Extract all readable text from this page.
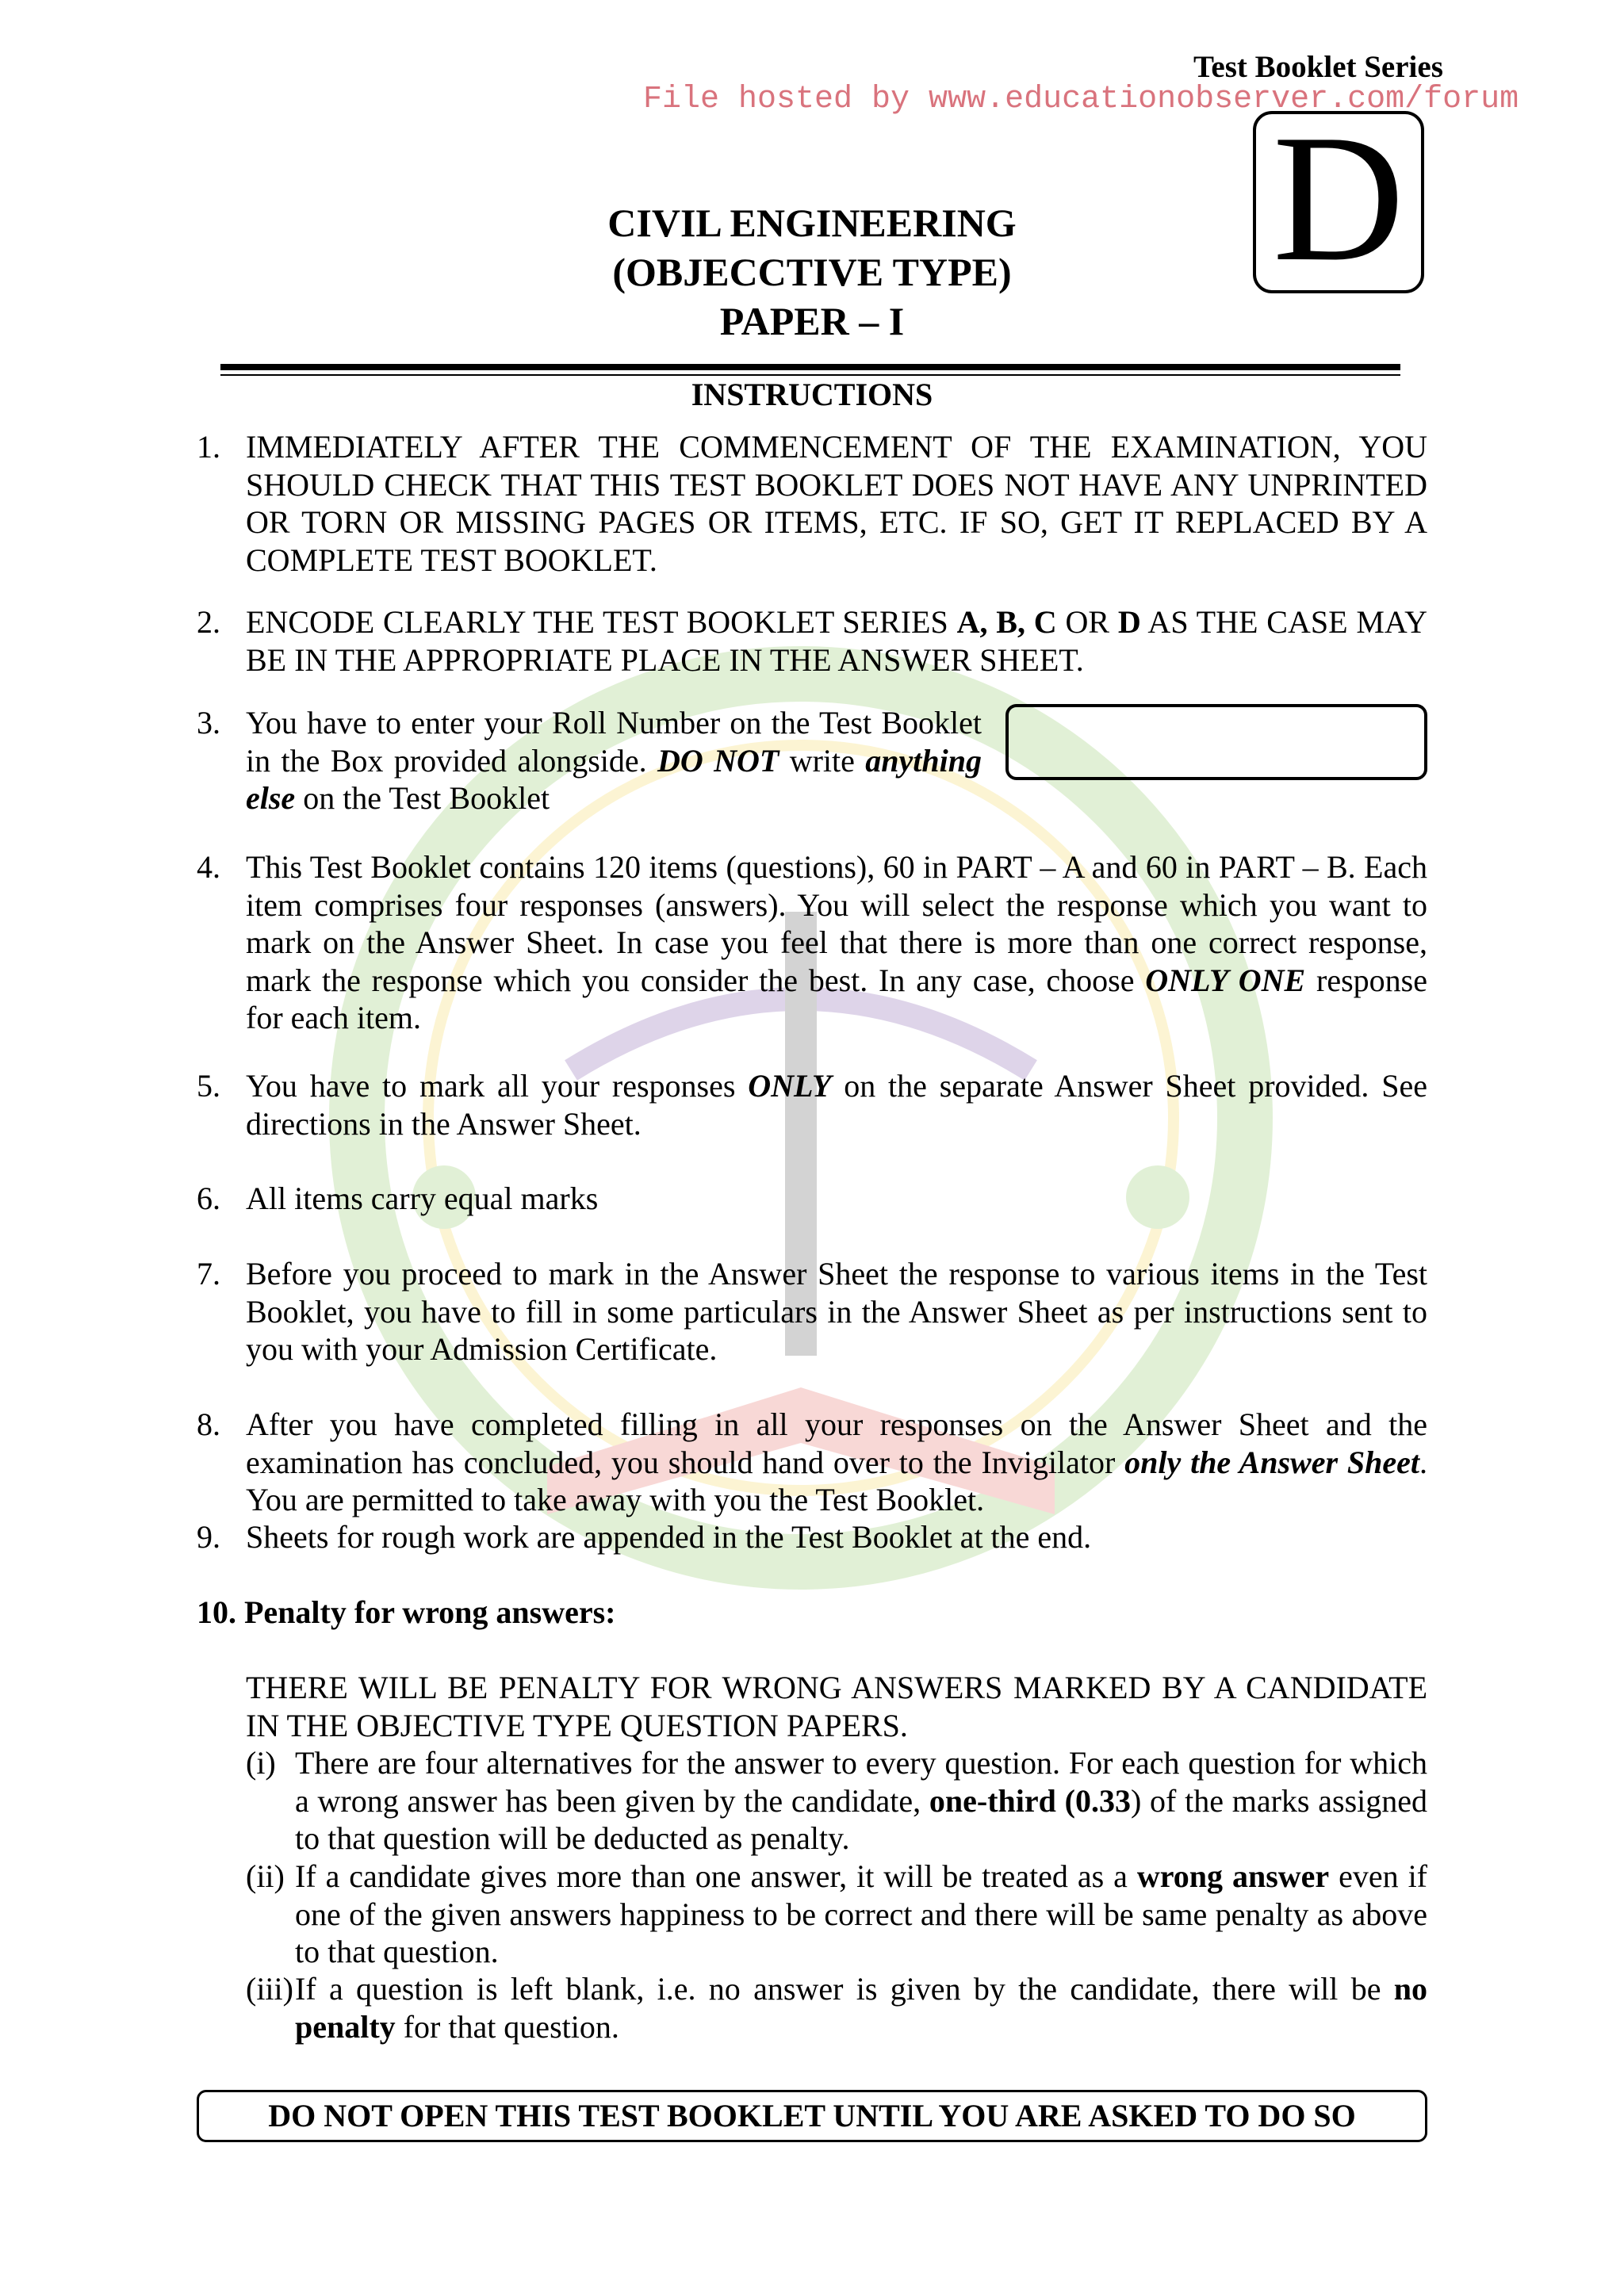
Test Booklet Series
File hosted by www.educationobserver.com/forum
D
CIVIL ENGINEERING
(OBJECCTIVE TYPE)
PAPER – I
INSTRUCTIONS
1. IMMEDIATELY AFTER THE COMMENCEMENT OF THE EXAMINATION, YOU SHOULD CHECK THAT THIS TEST BOOKLET DOES NOT HAVE ANY UNPRINTED OR TORN OR MISSING PAGES OR ITEMS, ETC. IF SO, GET IT REPLACED BY A COMPLETE TEST BOOKLET.
2. ENCODE CLEARLY THE TEST BOOKLET SERIES A, B, C OR D AS THE CASE MAY BE IN THE APPROPRIATE PLACE IN THE ANSWER SHEET.
3. You have to enter your Roll Number on the Test Booklet in the Box provided alongside. DO NOT write anything else on the Test Booklet
4. This Test Booklet contains 120 items (questions), 60 in PART – A and 60 in PART – B. Each item comprises four responses (answers). You will select the response which you want to mark on the Answer Sheet. In case you feel that there is more than one correct response, mark the response which you consider the best. In any case, choose ONLY ONE response for each item.
5. You have to mark all your responses ONLY on the separate Answer Sheet provided. See directions in the Answer Sheet.
6. All items carry equal marks
7. Before you proceed to mark in the Answer Sheet the response to various items in the Test Booklet, you have to fill in some particulars in the Answer Sheet as per instructions sent to you with your Admission Certificate.
8. After you have completed filling in all your responses on the Answer Sheet and the examination has concluded, you should hand over to the Invigilator only the Answer Sheet. You are permitted to take away with you the Test Booklet.
9. Sheets for rough work are appended in the Test Booklet at the end.
10. Penalty for wrong answers:
THERE WILL BE PENALTY FOR WRONG ANSWERS MARKED BY A CANDIDATE IN THE OBJECTIVE TYPE QUESTION PAPERS.
(i) There are four alternatives for the answer to every question. For each question for which a wrong answer has been given by the candidate, one-third (0.33) of the marks assigned to that question will be deducted as penalty.
(ii) If a candidate gives more than one answer, it will be treated as a wrong answer even if one of the given answers happiness to be correct and there will be same penalty as above to that question.
(iii) If a question is left blank, i.e. no answer is given by the candidate, there will be no penalty for that question.
DO NOT OPEN THIS TEST BOOKLET UNTIL YOU ARE ASKED TO DO SO
